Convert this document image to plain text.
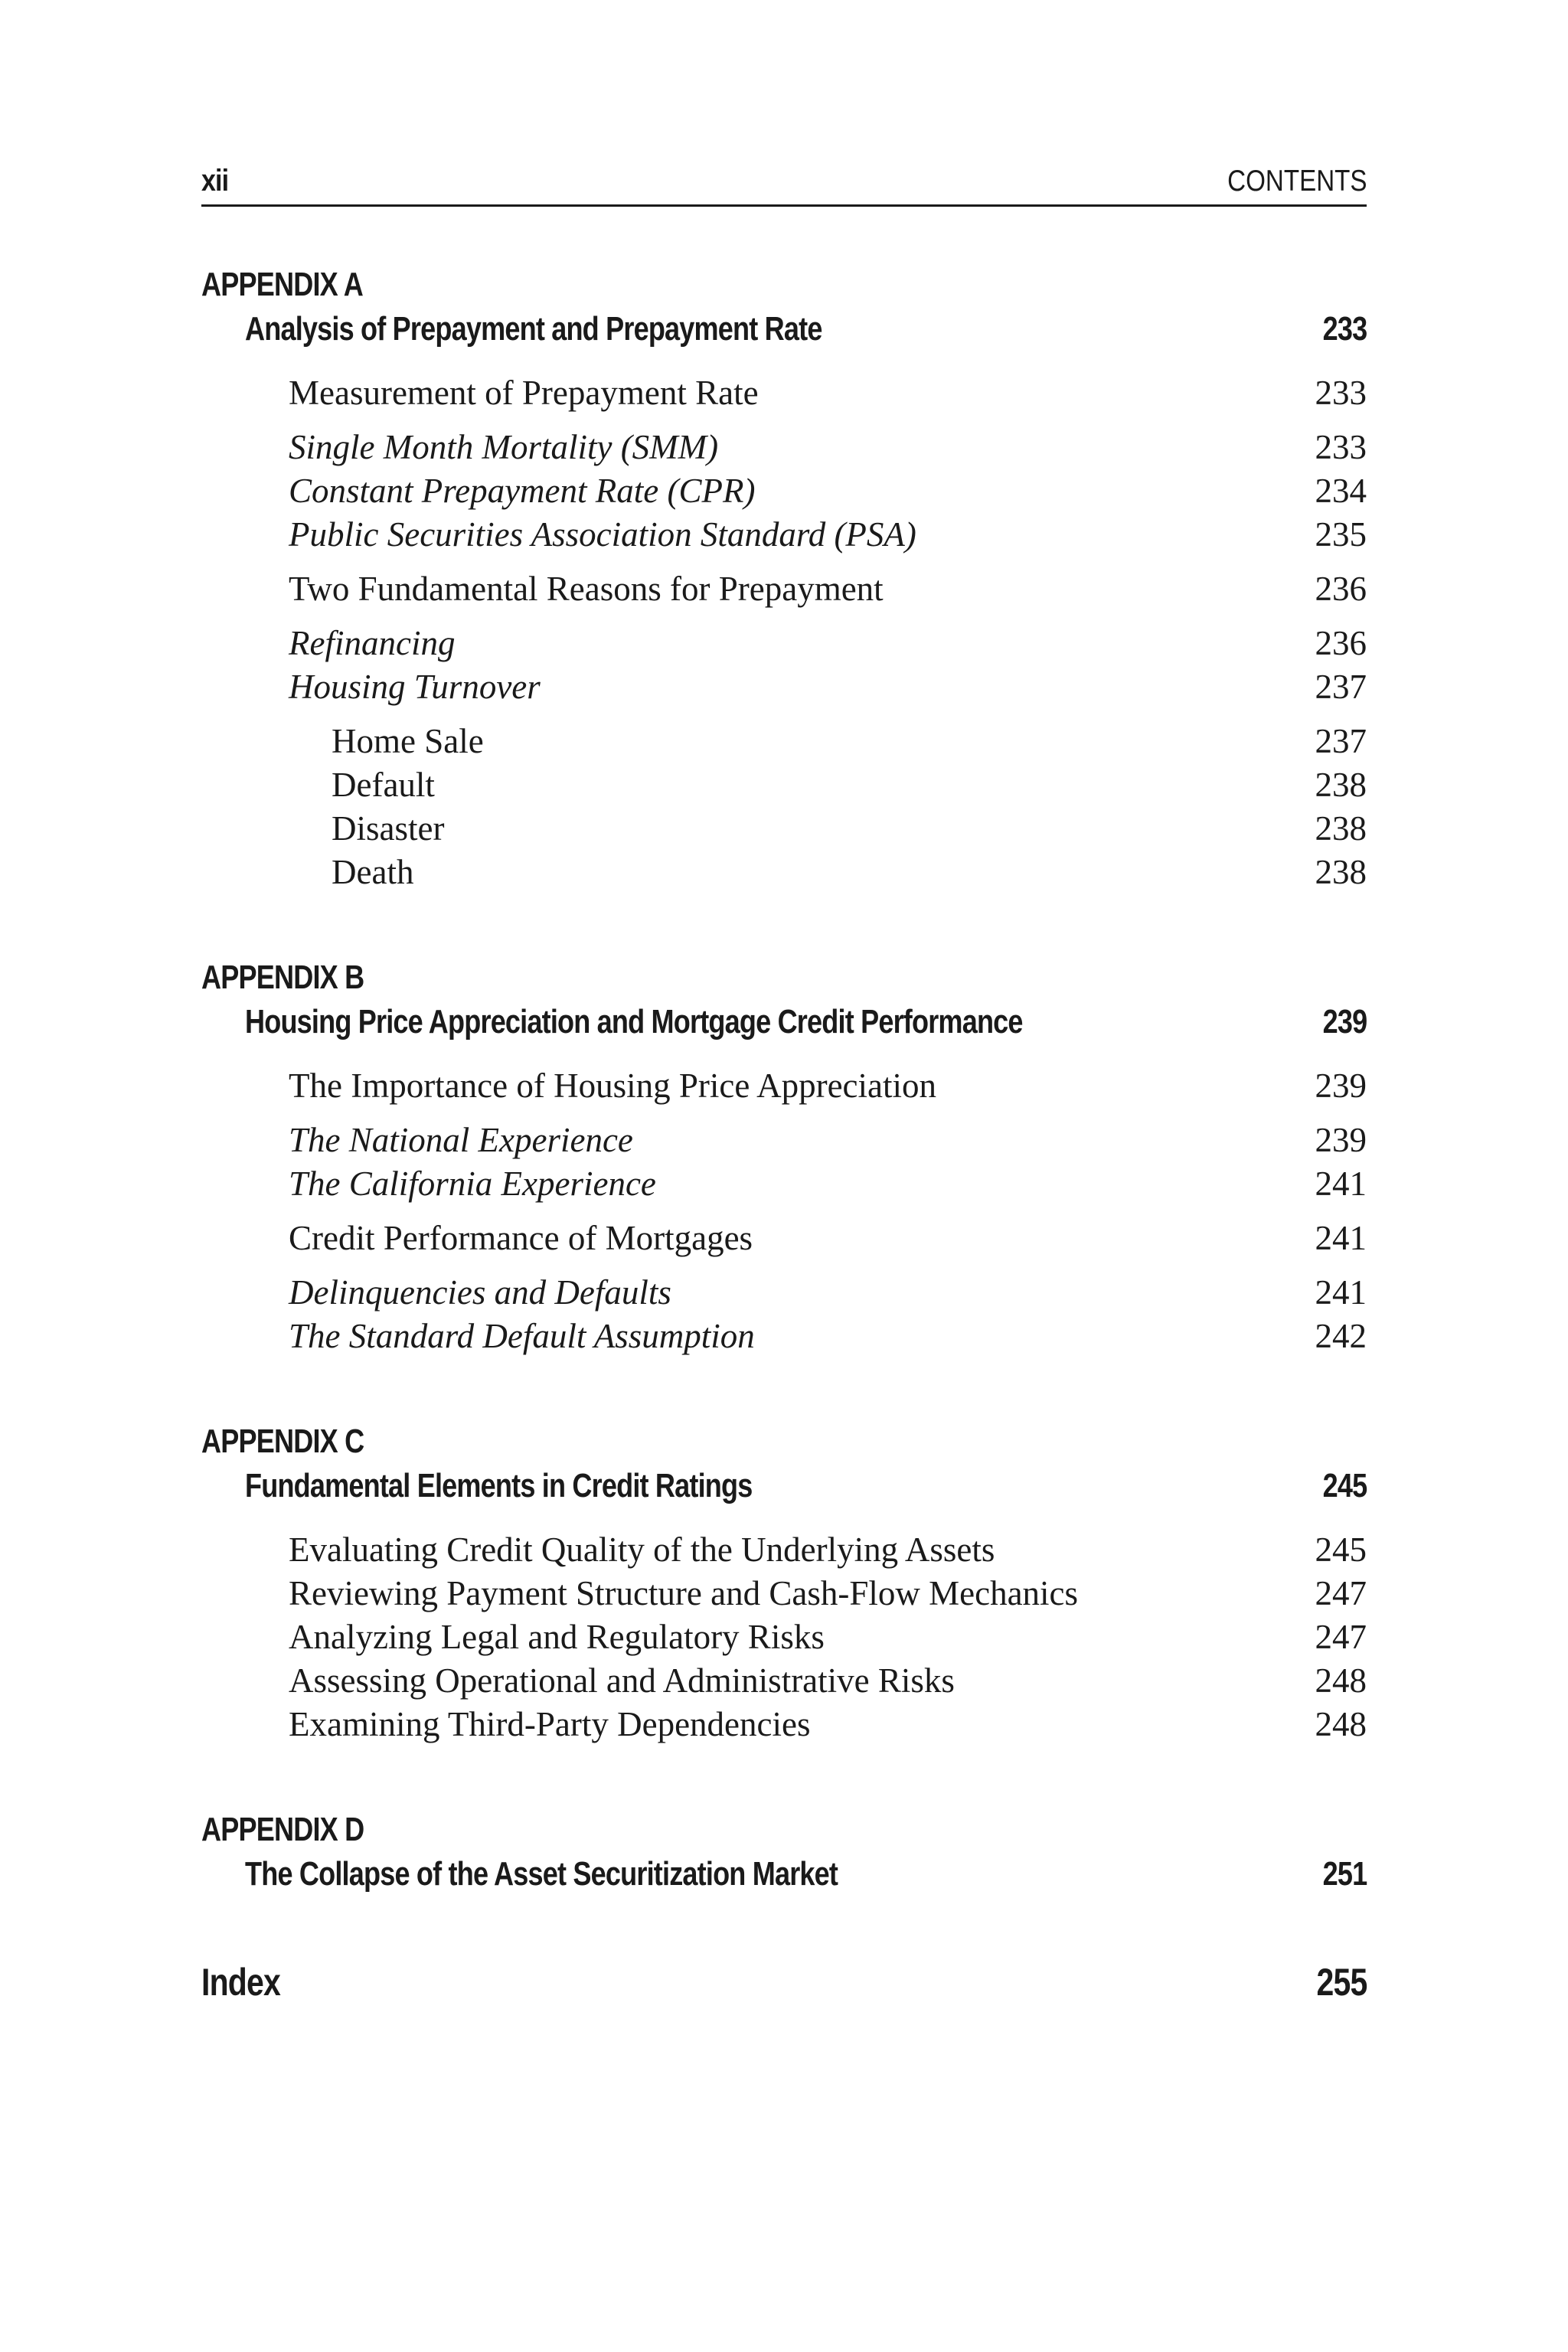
xii	CONTENTS
APPENDIX A
Analysis of Prepayment and Prepayment Rate	233
Measurement of Prepayment Rate	233
Single Month Mortality (SMM)	233
Constant Prepayment Rate (CPR)	234
Public Securities Association Standard (PSA)	235
Two Fundamental Reasons for Prepayment	236
Refinancing	236
Housing Turnover	237
Home Sale	237
Default	238
Disaster	238
Death	238
APPENDIX B
Housing Price Appreciation and Mortgage Credit Performance	239
The Importance of Housing Price Appreciation	239
The National Experience	239
The California Experience	241
Credit Performance of Mortgages	241
Delinquencies and Defaults	241
The Standard Default Assumption	242
APPENDIX C
Fundamental Elements in Credit Ratings	245
Evaluating Credit Quality of the Underlying Assets	245
Reviewing Payment Structure and Cash-Flow Mechanics	247
Analyzing Legal and Regulatory Risks	247
Assessing Operational and Administrative Risks	248
Examining Third-Party Dependencies	248
APPENDIX D
The Collapse of the Asset Securitization Market	251
Index	255
